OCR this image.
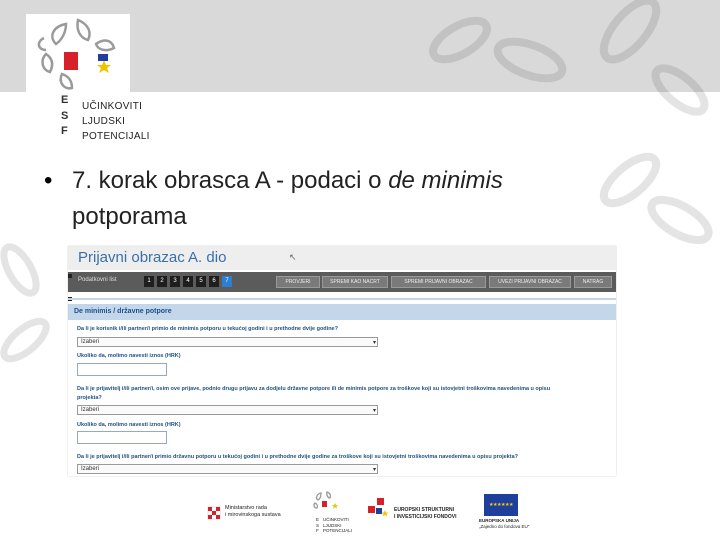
E
S
F
UČINKOVITI
LJUDSKI
POTENCIJALI
• 7. korak obrasca A - podaci o de minimis
potporama
Prijavni obrazac A. dio	↖
Podatkovni list	1	2	3	4	5	6	7	PROVJERI	SPREMI KAO NACRT	SPREMI PRIJAVNI OBRAZAC	UVEZI PRIJAVNI OBRAZAC	NATRAG
De minimis / državne potpore
Da li je korisnik i/ili partner/i primio de minimis potporu u tekućoj godini i u prethodne dvije godine?
Izaberi	▾
Ukoliko da, molimo navesti iznos (HRK)
Da li je prijavitelj i/ili partner/i, osim ove prijave, podnio drugu prijavu za dodjelu državne potpore ili de minimis potpore za troškove koji su istovjetni troškovima navedenima u opisu
projekta?
Izaberi	▾
Ukoliko da, molimo navesti iznos (HRK)
Da li je prijavitelj i/ili partner/i primio državnu potporu u tekućoj godini i u prethodne dvije godine za troškove koji su istovjetni troškovima navedenima u opisu projekta?
Izaberi	▾
Ministarstvo rada
i mirovinskoga sustava
E
S
F
UČINKOVITI
LJUDSKI
POTENCIJALI
EUROPSKI STRUKTURNI
I INVESTICIJSKI FONDOVI
★★★★★★
EUROPSKA UNIJA
„Zajedno do fondova EU"
